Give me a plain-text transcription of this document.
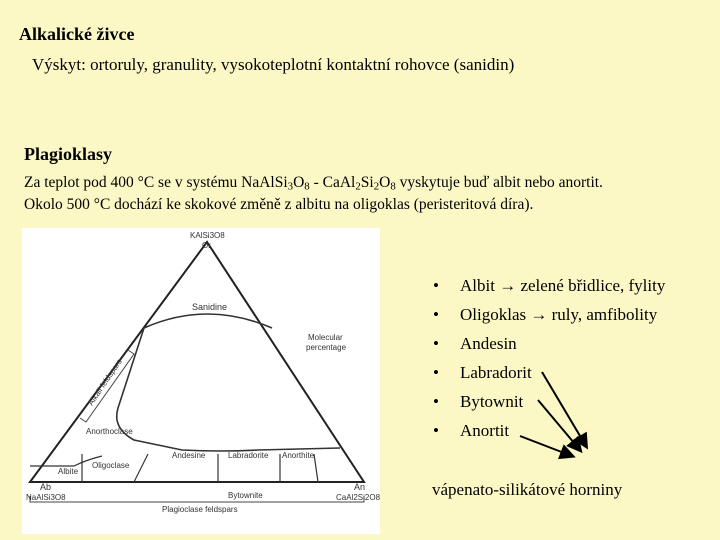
Alkalické živce
Výskyt: ortoruly, granulity, vysokoteplotní kontaktní rohovce (sanidin)
Plagioklasy
Za teplot pod 400 °C se v systému $NaAlSi_3O_8$ - $CaAl_2Si_2O_8$ vyskytuje buď albit nebo anortit.
Okolo 500 °C dochází ke skokové změně z albitu na oligoklas (peristeritová díra).
KAlSi3O8
Or
Ab
NaAlSi3O8
An
CaAl2Si2O8
Sanidine
Molecular
percentage
Alkali feldspars
Anorthoclase
Albite
Oligoclase
Andesine	Labradorite Anorthite
Bytownite
Plagioclase feldspars
• Albit → zelené břidlice, fylity
• Oligoklas → ruly, amfibolity
• Andesin
• Labradorit
• Bytownit
• Anortit
vápenato-silikátové horniny
